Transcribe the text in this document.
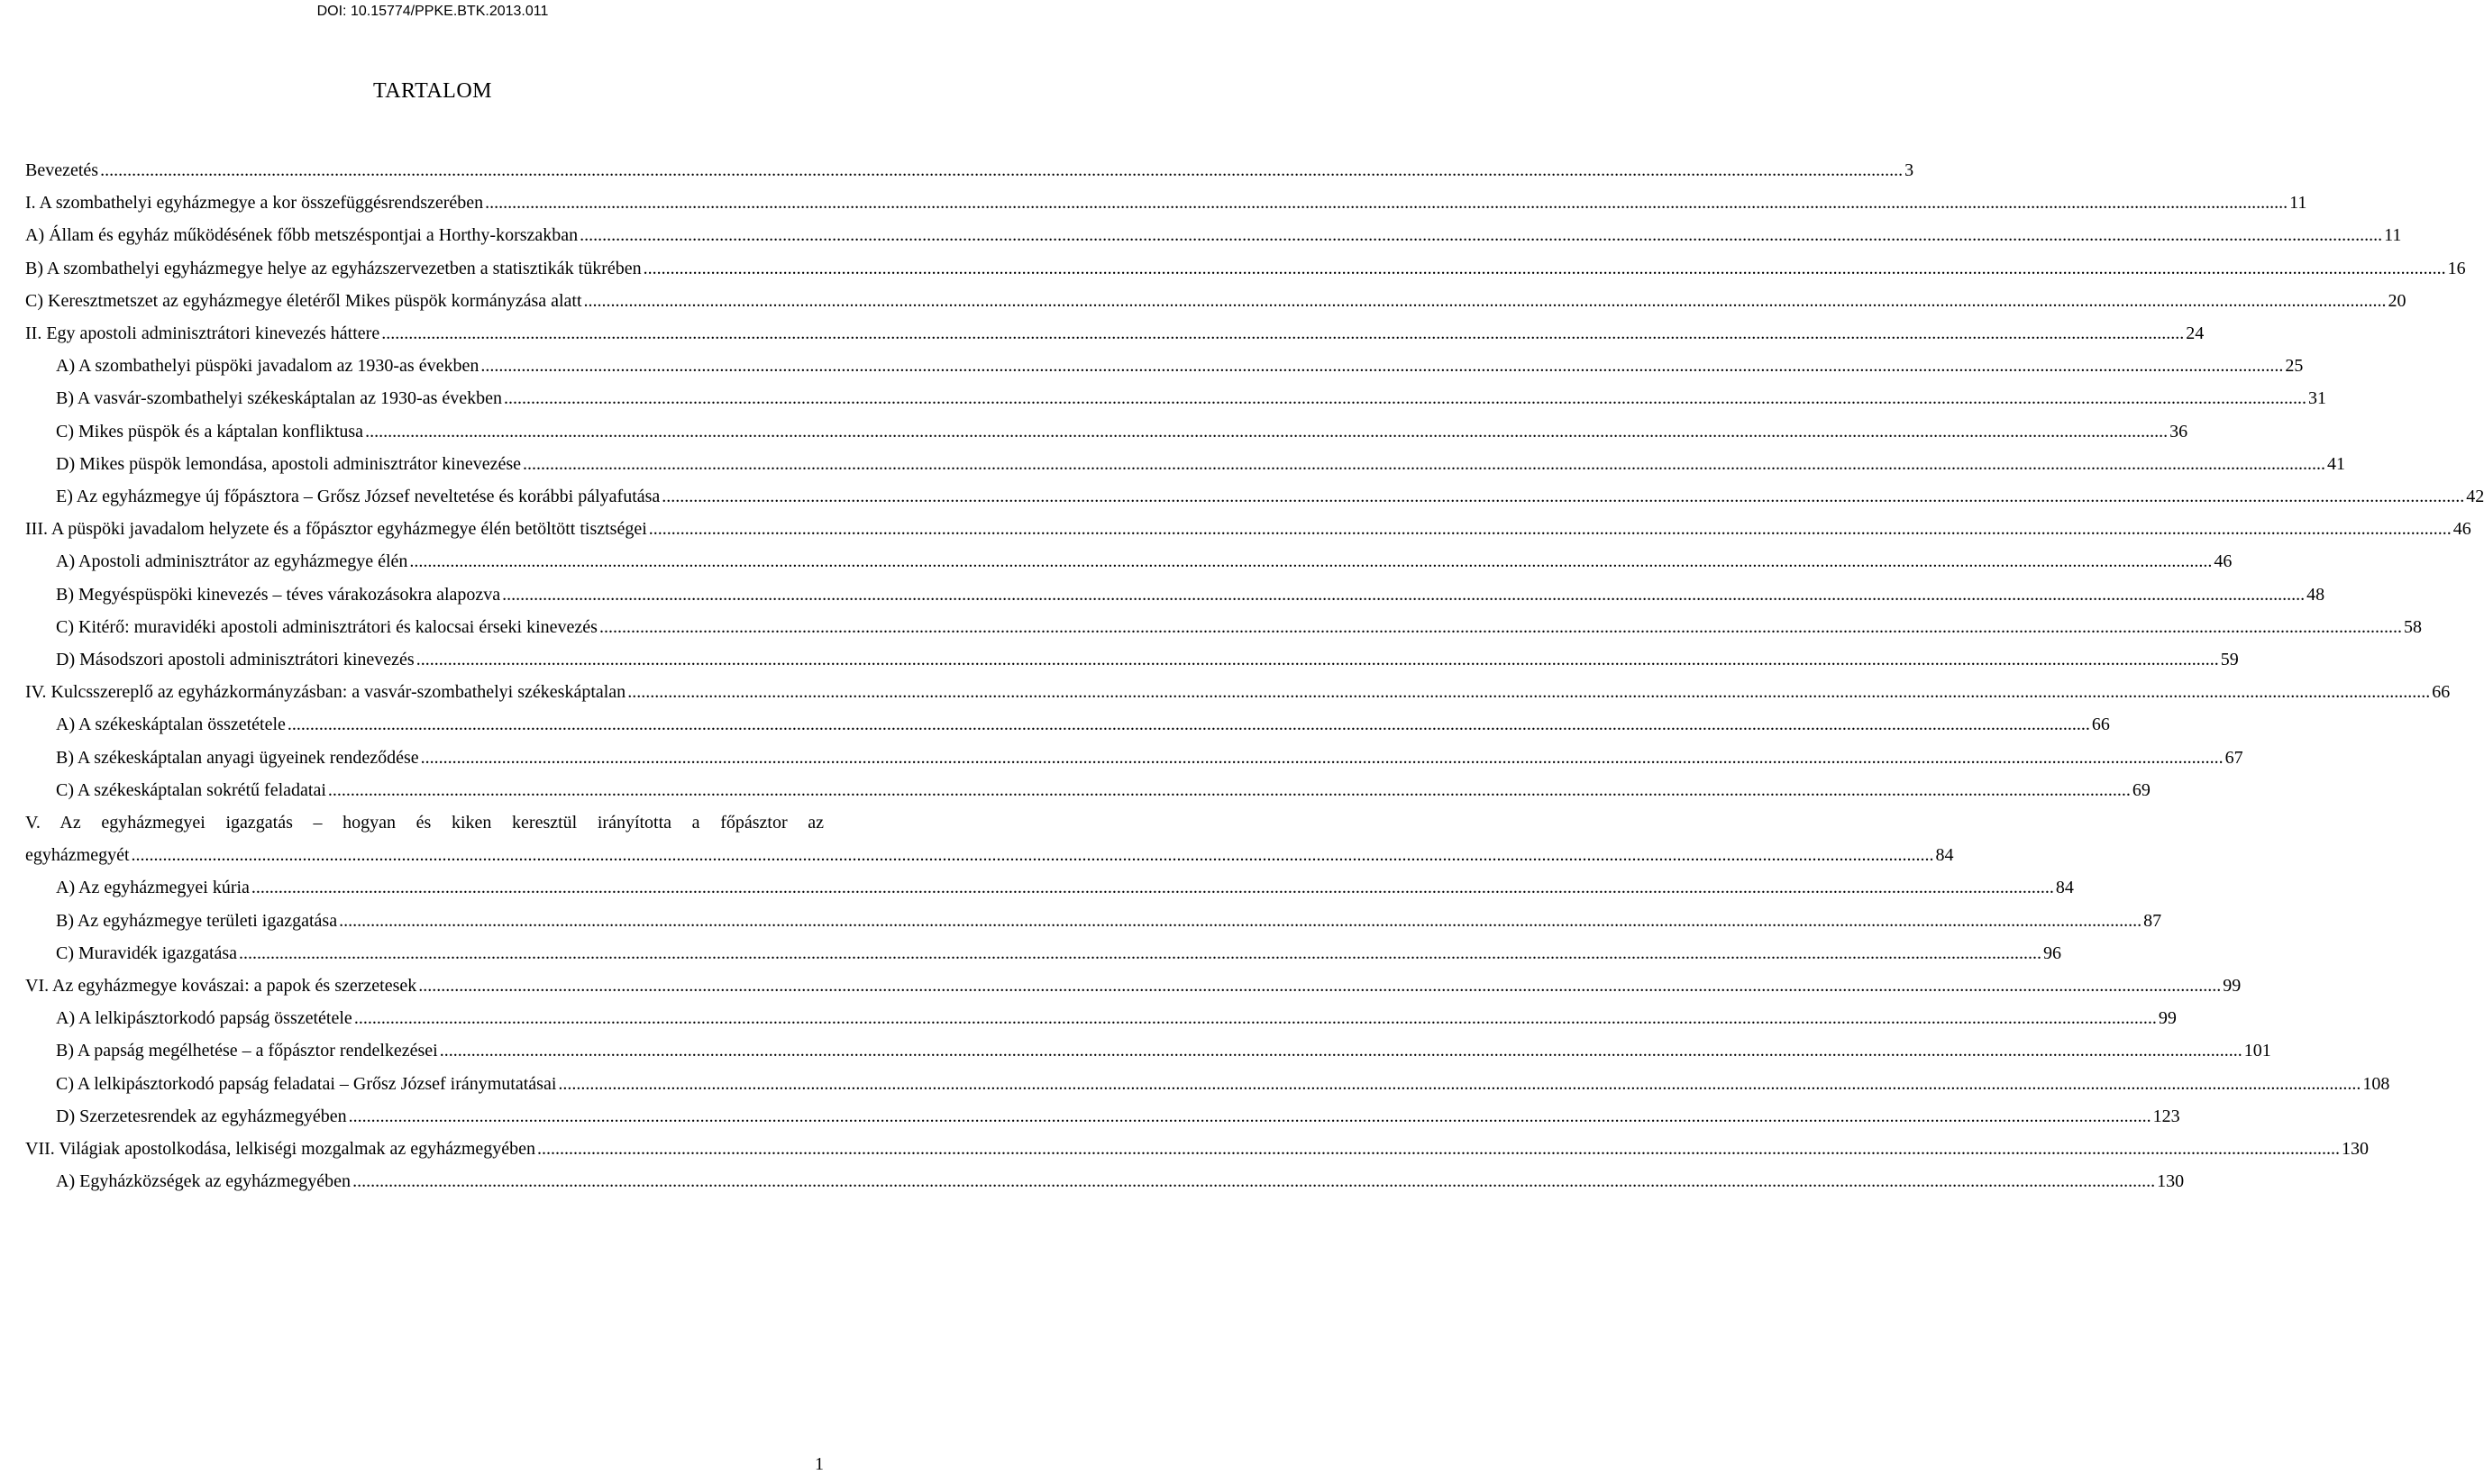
DOI: 10.15774/PPKE.BTK.2013.011
TARTALOM
Bevezetés ................................................................................................................................................................................................................................................................................................................................................................................................................ 3
I. A szombathelyi egyházmegye a kor összefüggésrendszerében ................................................................................................................................................................................................................................................................................................................................................................................................................ 11
A) Állam és egyház működésének főbb metszéspontjai a Horthy-korszakban ................................................................................................................................................................................................................................................................................................................................................................................................................ 11
B) A szombathelyi egyházmegye helye az egyházszervezetben a statisztikák tükrében ................................................................................................................................................................................................................................................................................................................................................................................................................ 16
C) Keresztmetszet az egyházmegye életéről Mikes püspök kormányzása alatt ................................................................................................................................................................................................................................................................................................................................................................................................................ 20
II. Egy apostoli adminisztrátori kinevezés háttere ................................................................................................................................................................................................................................................................................................................................................................................................................ 24
A) A szombathelyi püspöki javadalom az 1930-as években ................................................................................................................................................................................................................................................................................................................................................................................................................ 25
B) A vasvár-szombathelyi székeskáptalan az 1930-as években ................................................................................................................................................................................................................................................................................................................................................................................................................ 31
C) Mikes püspök és a káptalan konfliktusa ................................................................................................................................................................................................................................................................................................................................................................................................................ 36
D) Mikes püspök lemondása, apostoli adminisztrátor kinevezése ................................................................................................................................................................................................................................................................................................................................................................................................................ 41
E) Az egyházmegye új főpásztora – Grősz József neveltetése és korábbi pályafutása ................................................................................................................................................................................................................................................................................................................................................................................................................ 42
III. A püspöki javadalom helyzete és a főpásztor egyházmegye élén betöltött tisztségei ................................................................................................................................................................................................................................................................................................................................................................................................................ 46
A) Apostoli adminisztrátor az egyházmegye élén ................................................................................................................................................................................................................................................................................................................................................................................................................ 46
B) Megyéspüspöki kinevezés – téves várakozásokra alapozva ................................................................................................................................................................................................................................................................................................................................................................................................................ 48
C) Kitérő: muravidéki apostoli adminisztrátori és kalocsai érseki kinevezés ................................................................................................................................................................................................................................................................................................................................................................................................................ 58
D) Másodszori apostoli adminisztrátori kinevezés ................................................................................................................................................................................................................................................................................................................................................................................................................ 59
IV. Kulcsszereplő az egyházkormányzásban: a vasvár-szombathelyi székeskáptalan ................................................................................................................................................................................................................................................................................................................................................................................................................ 66
A) A székeskáptalan összetétele ................................................................................................................................................................................................................................................................................................................................................................................................................ 66
B) A székeskáptalan anyagi ügyeinek rendeződése ................................................................................................................................................................................................................................................................................................................................................................................................................ 67
C) A székeskáptalan sokrétű feladatai ................................................................................................................................................................................................................................................................................................................................................................................................................ 69
V. Az egyházmegyei igazgatás – hogyan és kiken keresztül irányította a főpásztor az
egyházmegyét ................................................................................................................................................................................................................................................................................................................................................................................................................ 84
A) Az egyházmegyei kúria ................................................................................................................................................................................................................................................................................................................................................................................................................ 84
B) Az egyházmegye területi igazgatása ................................................................................................................................................................................................................................................................................................................................................................................................................ 87
C) Muravidék igazgatása ................................................................................................................................................................................................................................................................................................................................................................................................................ 96
VI. Az egyházmegye kovászai: a papok és szerzetesek ................................................................................................................................................................................................................................................................................................................................................................................................................ 99
A) A lelkipásztorkodó papság összetétele ................................................................................................................................................................................................................................................................................................................................................................................................................ 99
B) A papság megélhetése – a főpásztor rendelkezései ................................................................................................................................................................................................................................................................................................................................................................................................................ 101
C) A lelkipásztorkodó papság feladatai – Grősz József iránymutatásai ................................................................................................................................................................................................................................................................................................................................................................................................................ 108
D) Szerzetesrendek az egyházmegyében ................................................................................................................................................................................................................................................................................................................................................................................................................ 123
VII. Világiak apostolkodása, lelkiségi mozgalmak az egyházmegyében ................................................................................................................................................................................................................................................................................................................................................................................................................ 130
A) Egyházközségek az egyházmegyében ................................................................................................................................................................................................................................................................................................................................................................................................................ 130
1
